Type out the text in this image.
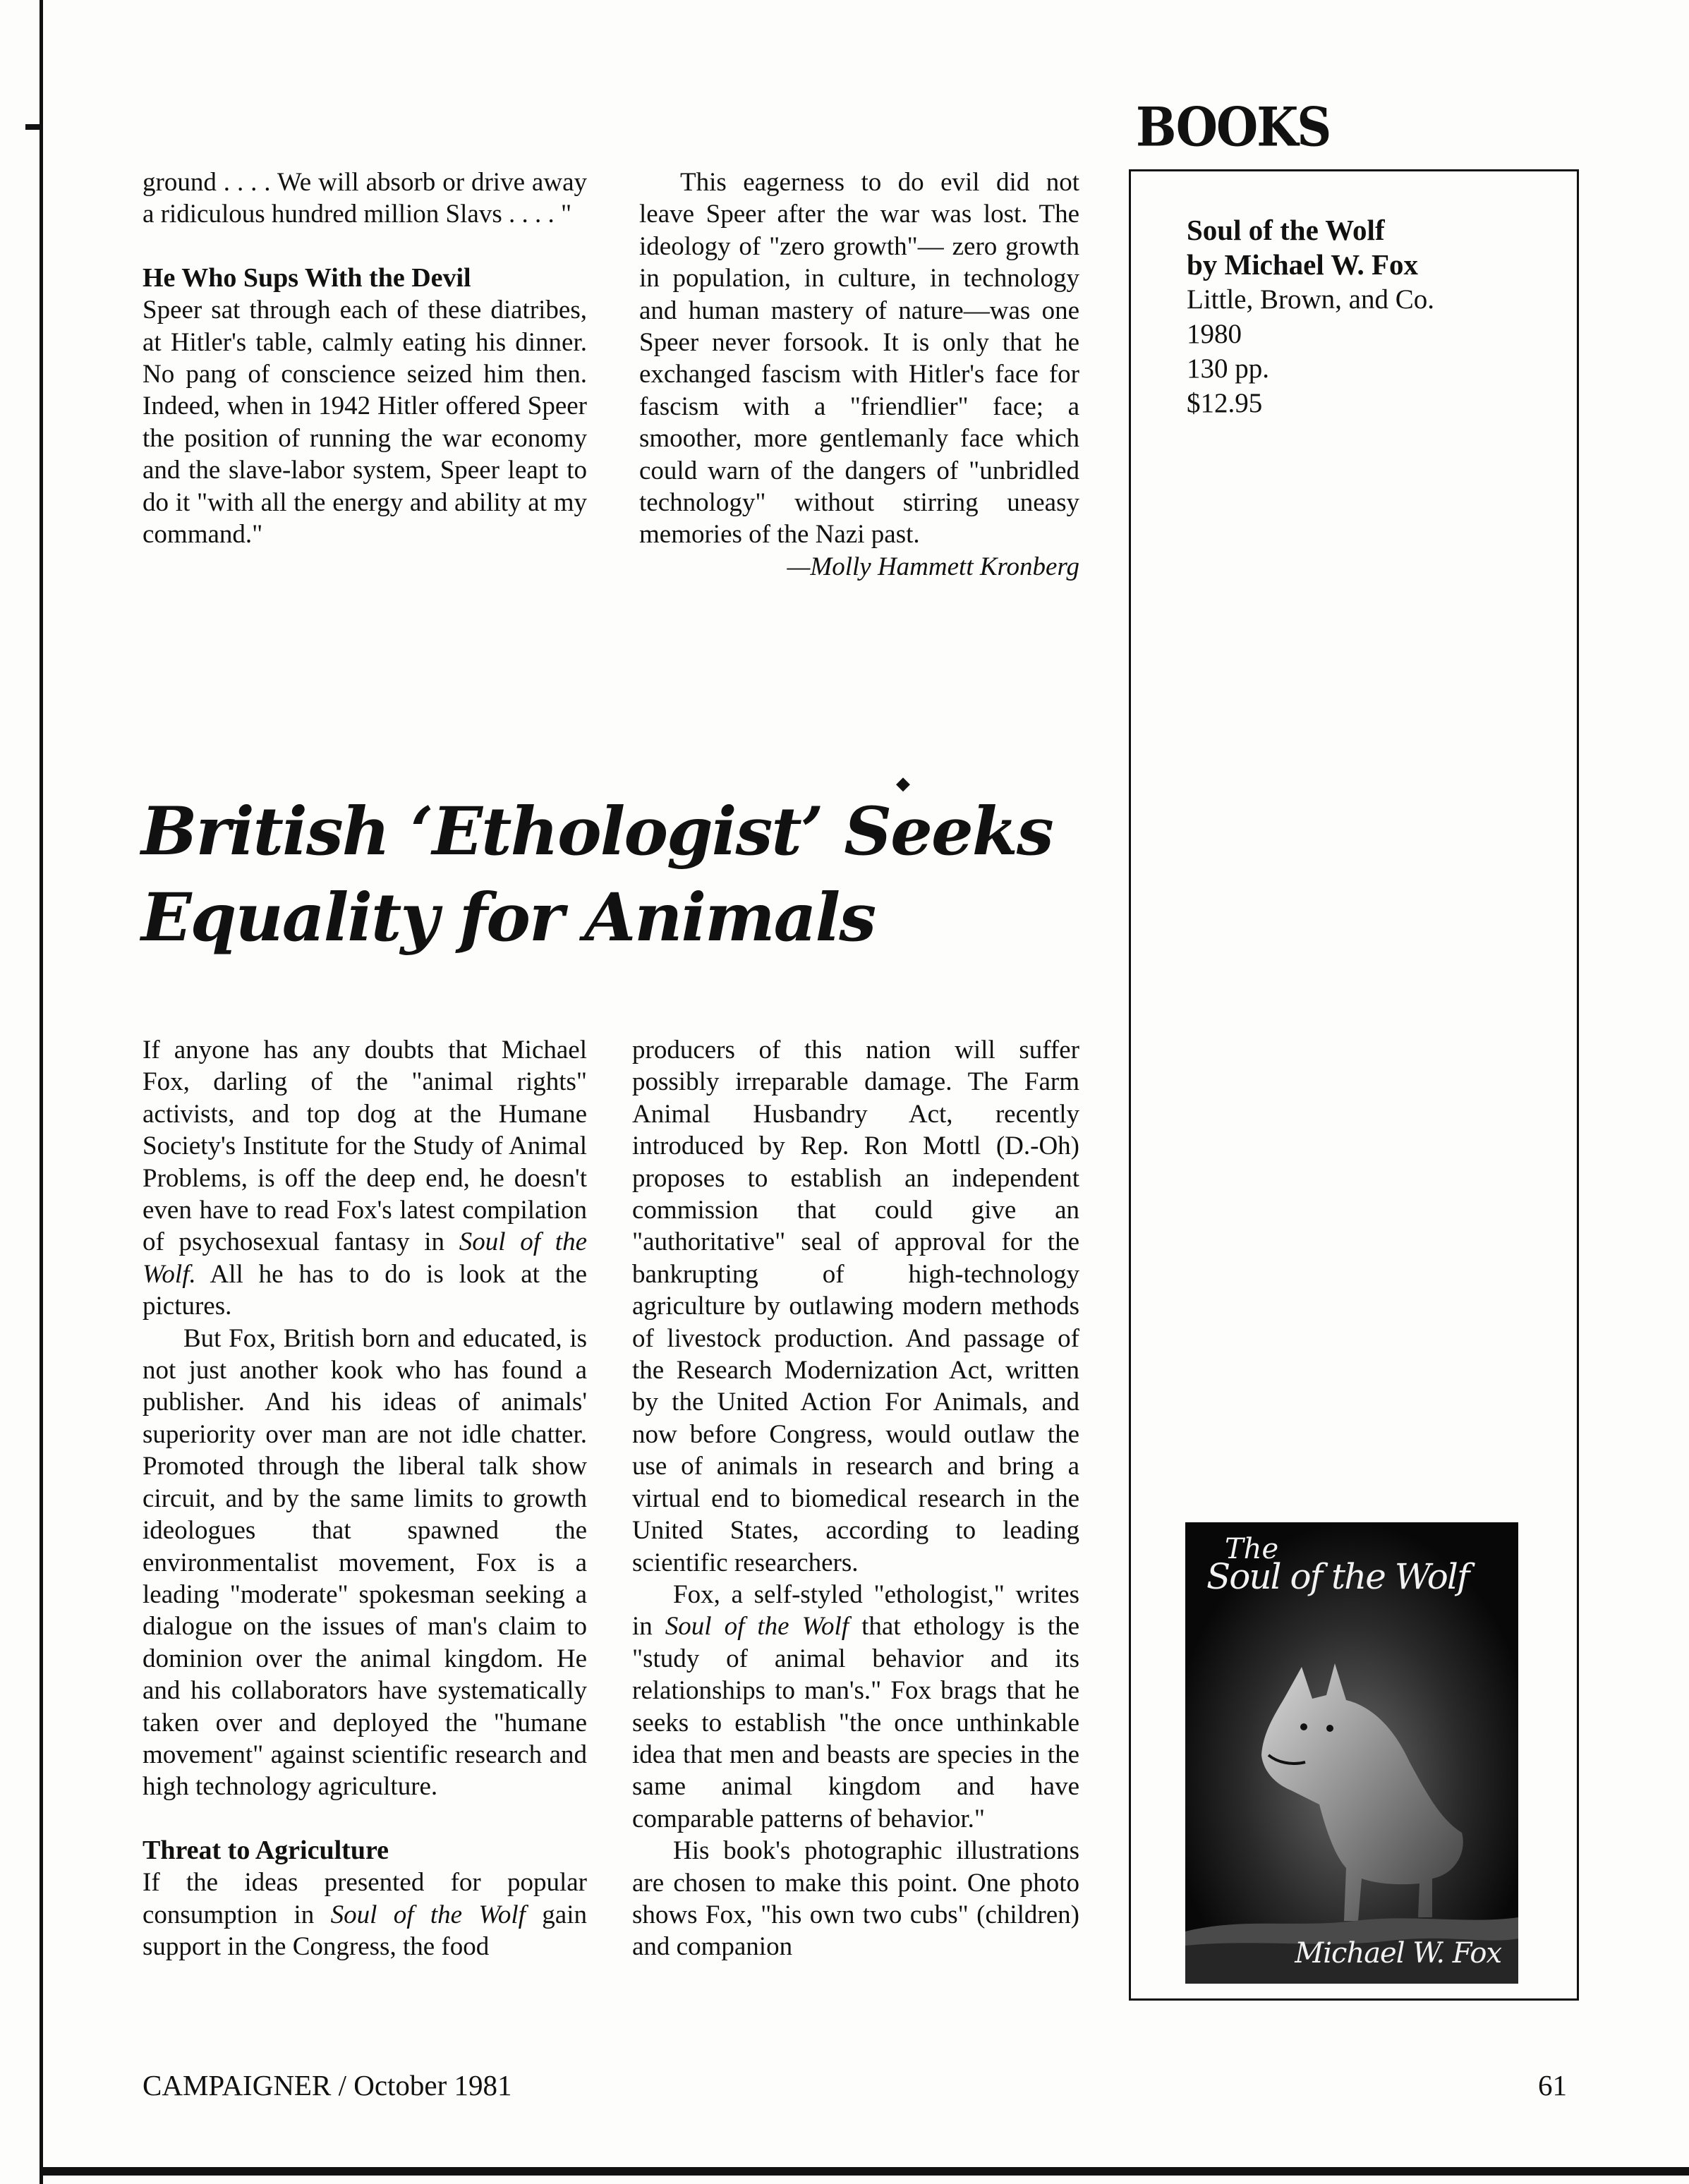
BOOKS

ground . . . . We will absorb or drive away a ridiculous hundred million Slavs . . . . "

He Who Sups With the Devil

Speer sat through each of these diatribes, at Hitler's table, calmly eating his dinner. No pang of conscience seized him then. Indeed, when in 1942 Hitler offered Speer the position of running the war economy and the slave-labor system, Speer leapt to do it "with all the energy and ability at my command."

This eagerness to do evil did not leave Speer after the war was lost. The ideology of "zero growth"— zero growth in population, in culture, in technology and human mastery of nature—was one Speer never forsook. It is only that he exchanged fascism with Hitler's face for fascism with a "friendlier" face; a smoother, more gentlemanly face which could warn of the dangers of "unbridled technology" without stirring uneasy memories of the Nazi past.

—Molly Hammett Kronberg

Soul of the Wolf
by Michael W. Fox
Little, Brown, and Co.
1980
130 pp.
$12.95
◆
British ‘Ethologist’ Seeks
Equality for Animals

If anyone has any doubts that Michael Fox, darling of the "animal rights" activists, and top dog at the Humane Society's Institute for the Study of Animal Problems, is off the deep end, he doesn't even have to read Fox's latest compilation of psychosexual fantasy in Soul of the Wolf. All he has to do is look at the pictures.

But Fox, British born and educated, is not just another kook who has found a publisher. And his ideas of animals' superiority over man are not idle chatter. Promoted through the liberal talk show circuit, and by the same limits to growth ideologues that spawned the environmentalist movement, Fox is a leading "moderate" spokesman seeking a dialogue on the issues of man's claim to dominion over the animal kingdom. He and his collaborators have systematically taken over and deployed the "humane movement" against scientific research and high technology agriculture.

Threat to Agriculture

If the ideas presented for popular consumption in Soul of the Wolf gain support in the Congress, the food

producers of this nation will suffer possibly irreparable damage. The Farm Animal Husbandry Act, recently introduced by Rep. Ron Mottl (D.-Oh) proposes to establish an independent commission that could give an "authoritative" seal of approval for the bankrupting of high-technology agriculture by outlawing modern methods of livestock production. And passage of the Research Modernization Act, written by the United Action For Animals, and now before Congress, would outlaw the use of animals in research and bring a virtual end to biomedical research in the United States, according to leading scientific researchers.

Fox, a self-styled "ethologist," writes in Soul of the Wolf that ethology is the "study of animal behavior and its relationships to man's." Fox brags that he seeks to establish "the once unthinkable idea that men and beasts are species in the same animal kingdom and have comparable patterns of behavior."

His book's photographic illustrations are chosen to make this point. One photo shows Fox, "his own two cubs" (children) and companion

The
Soul of the Wolf
Michael W. Fox
CAMPAIGNER / October 1981	61
